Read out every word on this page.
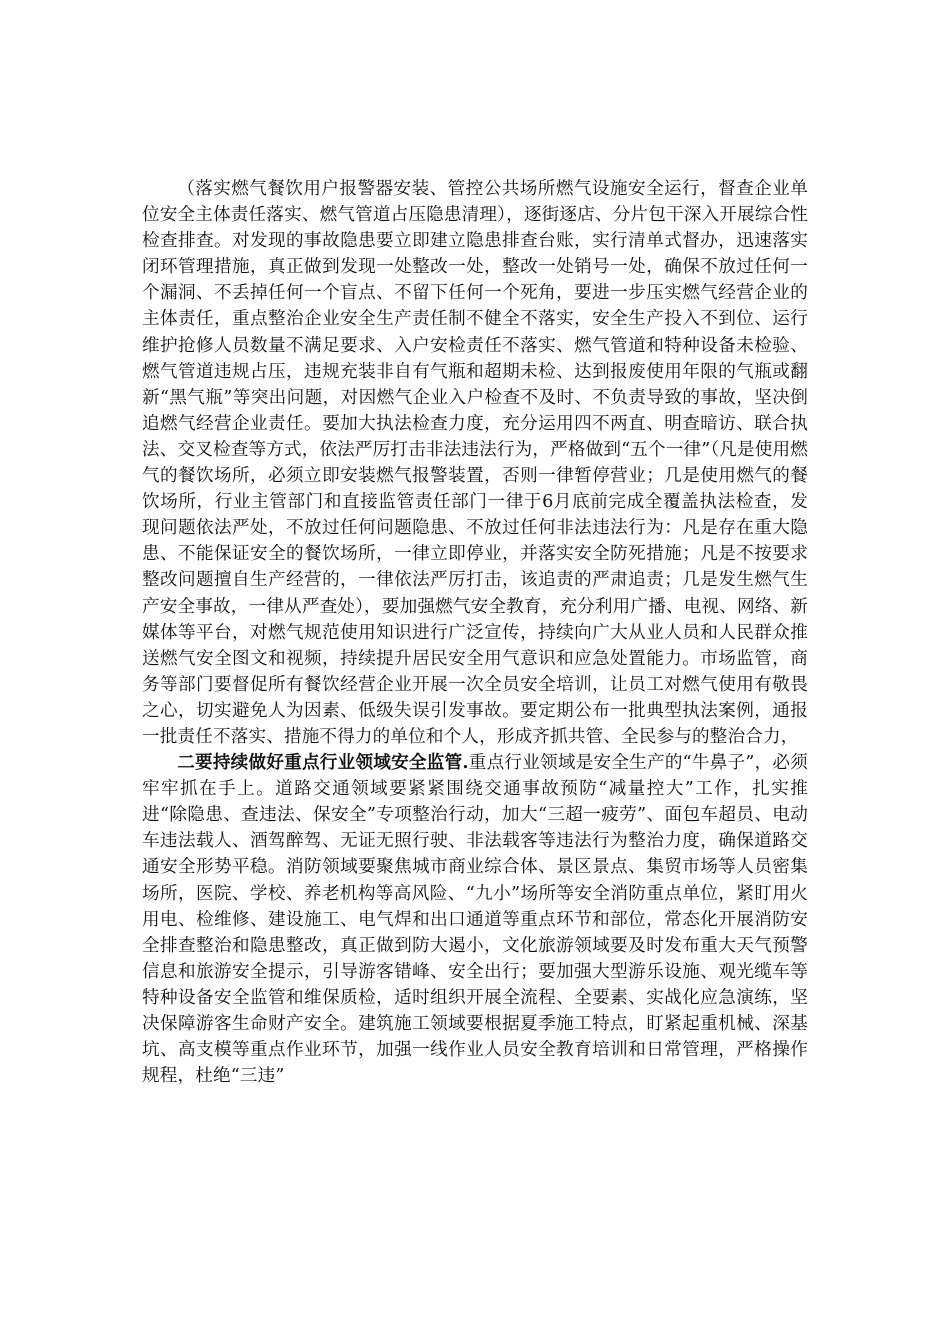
（落实燃气餐饮用户报警器安装、管控公共场所燃气设施安全运行，督查企业单位安全主体责任落实、燃气管道占压隐患清理），逐街逐店、分片包干深入开展综合性检查排查。对发现的事故隐患要立即建立隐患排查台账，实行清单式督办，迅速落实闭环管理措施，真正做到发现一处整改一处，整改一处销号一处，确保不放过任何一个漏洞、不丢掉任何一个盲点、不留下任何一个死角，要进一步压实燃气经营企业的主体责任，重点整治企业安全生产责任制不健全不落实，安全生产投入不到位、运行维护抢修人员数量不满足要求、入户安检责任不落实、燃气管道和特种设备未检验、燃气管道违规占压，违规充装非自有气瓶和超期未检、达到报废使用年限的气瓶或翻新“黑气瓶”等突出问题，对因燃气企业入户检查不及时、不负责导致的事故，坚决倒追燃气经营企业责任。要加大执法检查力度，充分运用四不两直、明查暗访、联合执法、交叉检查等方式，依法严厉打击非法违法行为，严格做到“五个一律”（凡是使用燃气的餐饮场所，必须立即安装燃气报警装置，否则一律暂停营业；几是使用燃气的餐饮场所，行业主管部门和直接监管责任部门一律于6月底前完成全覆盖执法检查，发现问题依法严处，不放过任何问题隐患、不放过任何非法违法行为：凡是存在重大隐患、不能保证安全的餐饮场所，一律立即停业，并落实安全防死措施；凡是不按要求整改问题擅自生产经营的，一律依法严厉打击，该追责的严肃追责；几是发生燃气生产安全事故，一律从严查处），要加强燃气安全教育，充分利用广播、电视、网络、新媒体等平台，对燃气规范使用知识进行广泛宣传，持续向广大从业人员和人民群众推送燃气安全图文和视频，持续提升居民安全用气意识和应急处置能力。市场监管，商务等部门要督促所有餐饮经营企业开展一次全员安全培训，让员工对燃气使用有敬畏之心，切实避免人为因素、低级失误引发事故。要定期公布一批典型执法案例，通报一批责任不落实、措施不得力的单位和个人，形成齐抓共管、全民参与的整治合力，

二要持续做好重点行业领域安全监管.重点行业领域是安全生产的“牛鼻子”，必须牢牢抓在手上。道路交通领域要紧紧围绕交通事故预防“减量控大”工作，扎实推进“除隐患、查违法、保安全”专项整治行动，加大“三超一疲劳”、面包车超员、电动车违法载人、酒驾醉驾、无证无照行驶、非法载客等违法行为整治力度，确保道路交通安全形势平稳。消防领域要聚焦城市商业综合体、景区景点、集贸市场等人员密集场所，医院、学校、养老机构等高风险、“九小”场所等安全消防重点单位，紧盯用火用电、检维修、建设施工、电气焊和出口通道等重点环节和部位，常态化开展消防安全排查整治和隐患整改，真正做到防大遏小，文化旅游领域要及时发布重大天气预警信息和旅游安全提示，引导游客错峰、安全出行；要加强大型游乐设施、观光缆车等特种设备安全监管和维保质检，适时组织开展全流程、全要素、实战化应急演练，坚决保障游客生命财产安全。建筑施工领域要根据夏季施工特点，盯紧起重机械、深基坑、高支模等重点作业环节，加强一线作业人员安全教育培训和日常管理，严格操作规程，杜绝“三违”
